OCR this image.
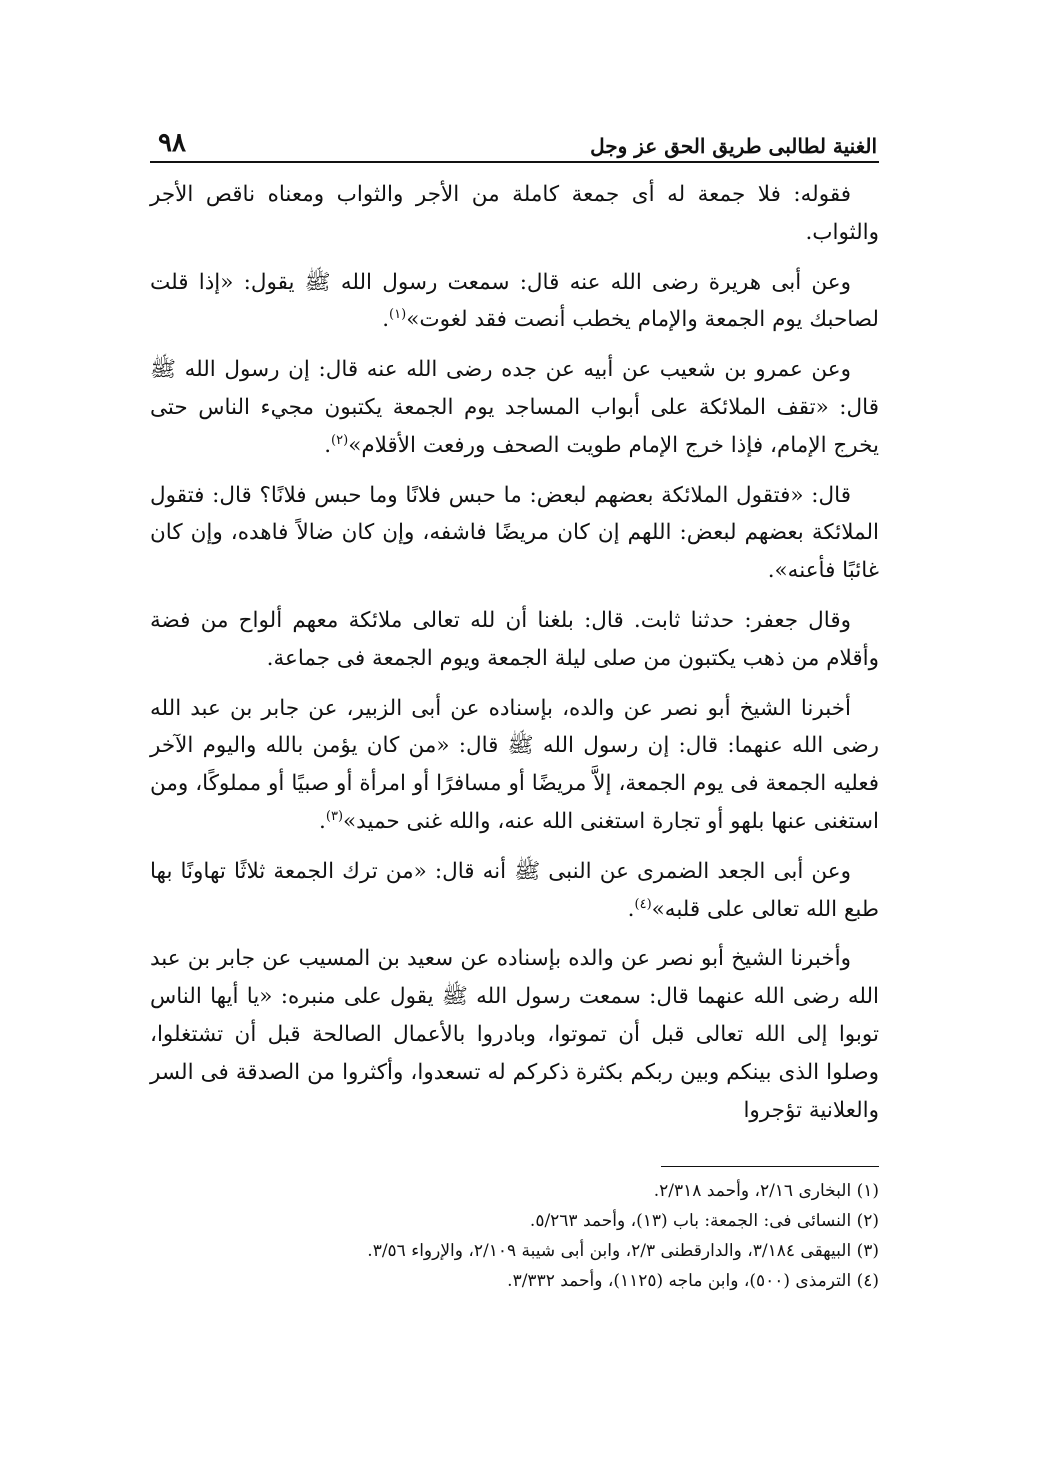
الغنية لطالبى طريق الحق عز وجل
٩٨

فقوله: فلا جمعة له أى جمعة كاملة من الأجر والثواب ومعناه ناقص الأجر والثواب.

وعن أبى هريرة رضى الله عنه قال: سمعت رسول الله ﷺ يقول: «إذا قلت لصاحبك يوم الجمعة والإمام يخطب أنصت فقد لغوت»$^{(١)}$.

وعن عمرو بن شعيب عن أبيه عن جده رضى الله عنه قال: إن رسول الله ﷺ قال: «تقف الملائكة على أبواب المساجد يوم الجمعة يكتبون مجيء الناس حتى يخرج الإمام، فإذا خرج الإمام طويت الصحف ورفعت الأقلام»$^{(٢)}$.

قال: «فتقول الملائكة بعضهم لبعض: ما حبس فلانًا وما حبس فلانًا؟ قال: فتقول الملائكة بعضهم لبعض: اللهم إن كان مريضًا فاشفه، وإن كان ضالاً فاهده، وإن كان غائبًا فأعنه».

وقال جعفر: حدثنا ثابت. قال: بلغنا أن لله تعالى ملائكة معهم ألواح من فضة وأقلام من ذهب يكتبون من صلى ليلة الجمعة ويوم الجمعة فى جماعة.

أخبرنا الشيخ أبو نصر عن والده، بإسناده عن أبى الزبير، عن جابر بن عبد الله رضى الله عنهما: قال: إن رسول الله ﷺ قال: «من كان يؤمن بالله واليوم الآخر فعليه الجمعة فى يوم الجمعة، إلاَّ مريضًا أو مسافرًا أو امرأة أو صبيًا أو مملوكًا، ومن استغنى عنها بلهو أو تجارة استغنى الله عنه، والله غنى حميد»$^{(٣)}$.

وعن أبى الجعد الضمرى عن النبى ﷺ أنه قال: «من ترك الجمعة ثلاثًا تهاونًا بها طبع الله تعالى على قلبه»$^{(٤)}$.

وأخبرنا الشيخ أبو نصر عن والده بإسناده عن سعيد بن المسيب عن جابر بن عبد الله رضى الله عنهما قال: سمعت رسول الله ﷺ يقول على منبره: «يا أيها الناس توبوا إلى الله تعالى قبل أن تموتوا، وبادروا بالأعمال الصالحة قبل أن تشتغلوا، وصلوا الذى بينكم وبين ربكم بكثرة ذكركم له تسعدوا، وأكثروا من الصدقة فى السر والعلانية تؤجروا

(١) البخارى ٢/١٦، وأحمد ٢/٣١٨.
(٢) النسائى فى: الجمعة: باب (١٣)، وأحمد ٥/٢٦٣.
(٣) البيهقى ٣/١٨٤، والدارقطنى ٢/٣، وابن أبى شيبة ٢/١٠٩، والإرواء ٣/٥٦.
(٤) الترمذى (٥٠٠)، وابن ماجه (١١٢٥)، وأحمد ٣/٣٣٢.
